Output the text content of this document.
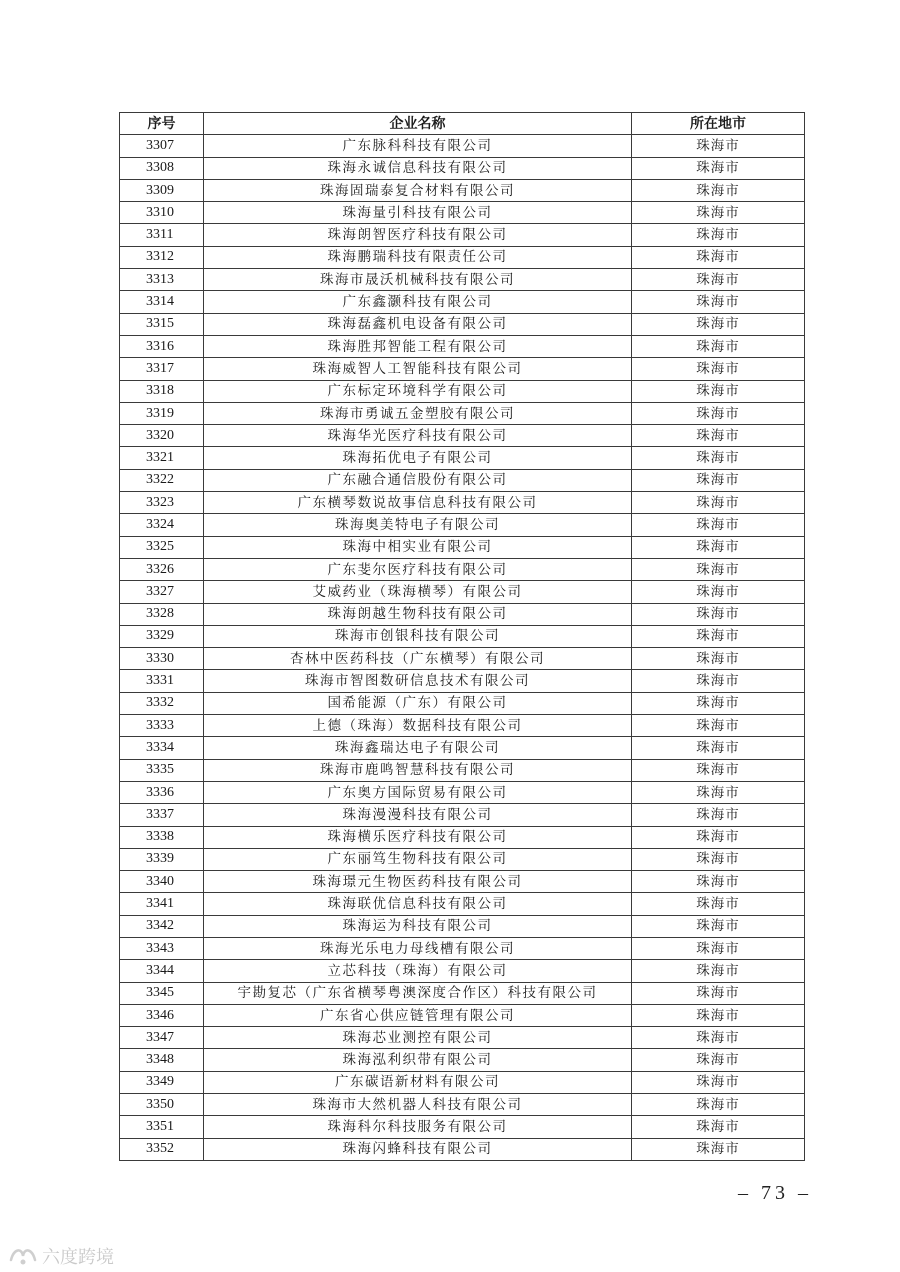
序号	企业名称	所在地市
3307	广东脉科科技有限公司	珠海市
3308	珠海永诚信息科技有限公司	珠海市
3309	珠海固瑞泰复合材料有限公司	珠海市
3310	珠海量引科技有限公司	珠海市
3311	珠海朗智医疗科技有限公司	珠海市
3312	珠海鹏瑞科技有限责任公司	珠海市
3313	珠海市晟沃机械科技有限公司	珠海市
3314	广东鑫灏科技有限公司	珠海市
3315	珠海磊鑫机电设备有限公司	珠海市
3316	珠海胜邦智能工程有限公司	珠海市
3317	珠海威智人工智能科技有限公司	珠海市
3318	广东标定环境科学有限公司	珠海市
3319	珠海市勇诚五金塑胶有限公司	珠海市
3320	珠海华光医疗科技有限公司	珠海市
3321	珠海拓优电子有限公司	珠海市
3322	广东融合通信股份有限公司	珠海市
3323	广东横琴数说故事信息科技有限公司	珠海市
3324	珠海奥美特电子有限公司	珠海市
3325	珠海中相实业有限公司	珠海市
3326	广东斐尔医疗科技有限公司	珠海市
3327	艾威药业（珠海横琴）有限公司	珠海市
3328	珠海朗越生物科技有限公司	珠海市
3329	珠海市创银科技有限公司	珠海市
3330	杏林中医药科技（广东横琴）有限公司	珠海市
3331	珠海市智图数研信息技术有限公司	珠海市
3332	国希能源（广东）有限公司	珠海市
3333	上德（珠海）数据科技有限公司	珠海市
3334	珠海鑫瑞达电子有限公司	珠海市
3335	珠海市鹿鸣智慧科技有限公司	珠海市
3336	广东奥方国际贸易有限公司	珠海市
3337	珠海漫漫科技有限公司	珠海市
3338	珠海横乐医疗科技有限公司	珠海市
3339	广东丽笃生物科技有限公司	珠海市
3340	珠海璟元生物医药科技有限公司	珠海市
3341	珠海联优信息科技有限公司	珠海市
3342	珠海运为科技有限公司	珠海市
3343	珠海光乐电力母线槽有限公司	珠海市
3344	立芯科技（珠海）有限公司	珠海市
3345	宇勘复芯（广东省横琴粤澳深度合作区）科技有限公司	珠海市
3346	广东省心供应链管理有限公司	珠海市
3347	珠海芯业测控有限公司	珠海市
3348	珠海泓利织带有限公司	珠海市
3349	广东碳语新材料有限公司	珠海市
3350	珠海市大然机器人科技有限公司	珠海市
3351	珠海科尔科技服务有限公司	珠海市
3352	珠海闪蜂科技有限公司	珠海市
– 73 –
六度跨境
